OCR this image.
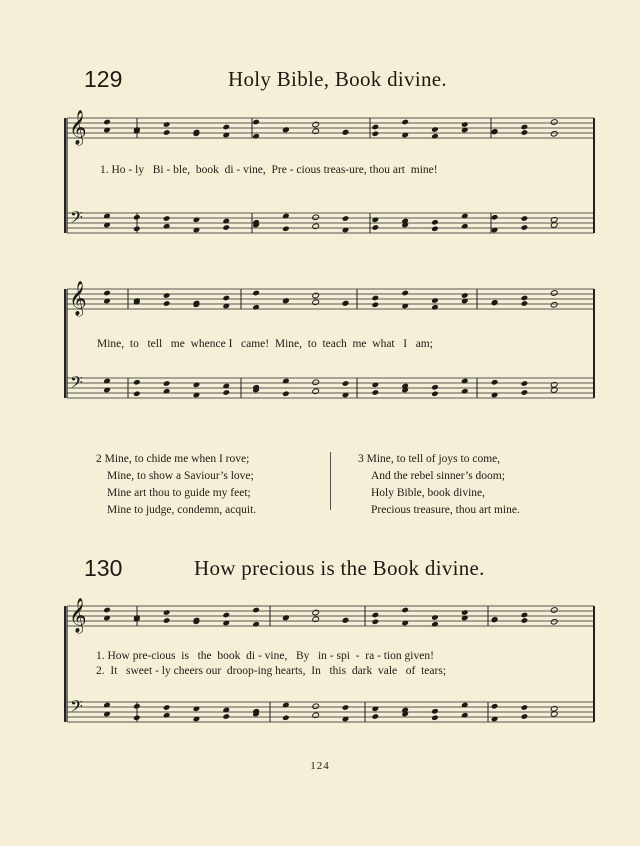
129	Holy Bible, Book divine.
1. Ho - ly   Bi - ble,  book  di - vine,  Pre - cious treas-ure, thou art  mine!
Mine,  to   tell   me  whence I   came!  Mine,  to  teach  me  what   I   am;
2 Mine, to chide me when I rove;
Mine, to show a Saviour’s love;
Mine art thou to guide my feet;
Mine to judge, condemn, acquit.
3 Mine, to tell of joys to come,
And the rebel sinner’s doom;
Holy Bible, book divine,
Precious treasure, thou art mine.
130	How precious is the Book divine.
1. How pre-cious  is   the  book  di - vine,   By   in - spi  -  ra - tion given!
2.  It   sweet - ly cheers our  droop-ing hearts,  In   this  dark  vale   of  tears;
124
𝄞
𝄢
𝄞
𝄢
𝄞
𝄢
